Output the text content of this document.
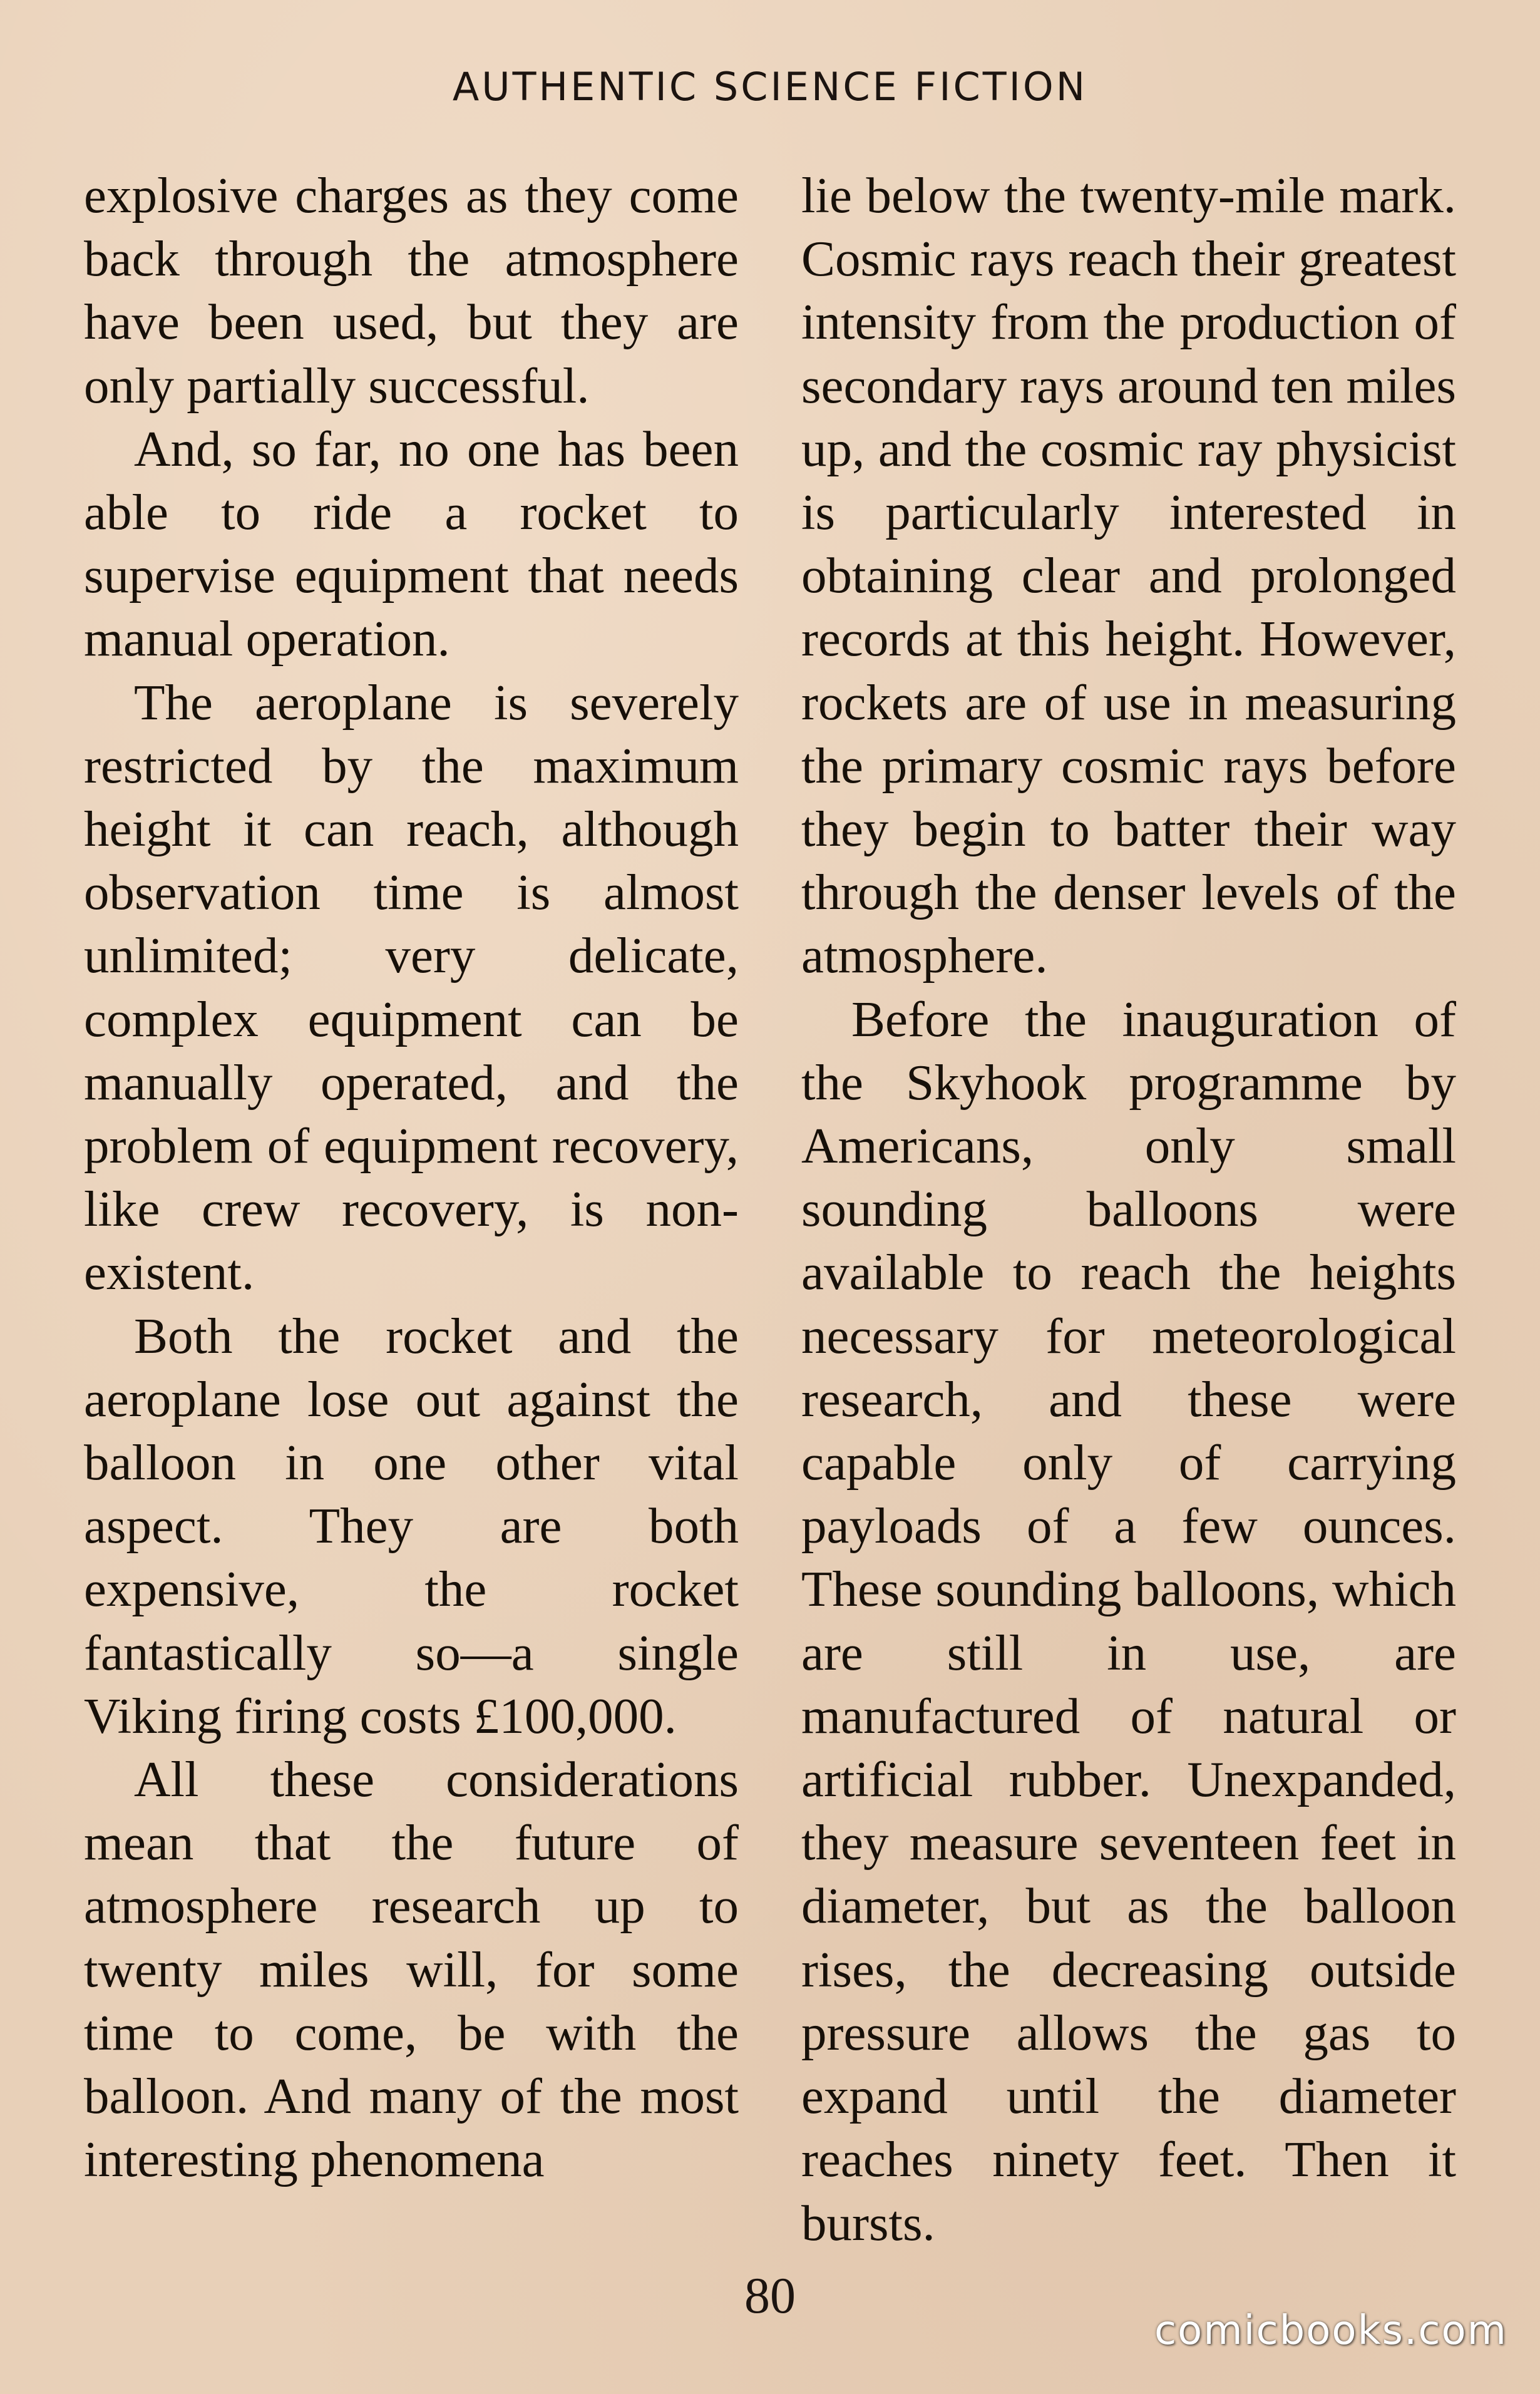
AUTHENTIC SCIENCE FICTION

explosive charges as they come back through the atmosphere have been used, but they are only partially successful.

And, so far, no one has been able to ride a rocket to supervise equipment that needs manual operation.

The aeroplane is severely restricted by the maximum height it can reach, although observation time is almost unlimited; very delicate, complex equipment can be manually operated, and the problem of equipment recovery, like crew recovery, is non-existent.

Both the rocket and the aeroplane lose out against the balloon in one other vital aspect. They are both expensive, the rocket fantastically so—a single Viking firing costs £100,000.

All these considerations mean that the future of atmosphere research up to twenty miles will, for some time to come, be with the balloon. And many of the most interesting phenomena

lie below the twenty-mile mark. Cosmic rays reach their greatest intensity from the production of secondary rays around ten miles up, and the cosmic ray physicist is particularly interested in obtaining clear and prolonged records at this height. However, rockets are of use in measuring the primary cosmic rays before they begin to batter their way through the denser levels of the atmosphere.

Before the inauguration of the Skyhook programme by Americans, only small sounding balloons were available to reach the heights necessary for meteorological research, and these were capable only of carrying payloads of a few ounces. These sounding balloons, which are still in use, are manufactured of natural or artificial rubber. Unexpanded, they measure seventeen feet in diameter, but as the balloon rises, the decreasing outside pressure allows the gas to expand until the diameter reaches ninety feet. Then it bursts.

80
comicbooks.com
